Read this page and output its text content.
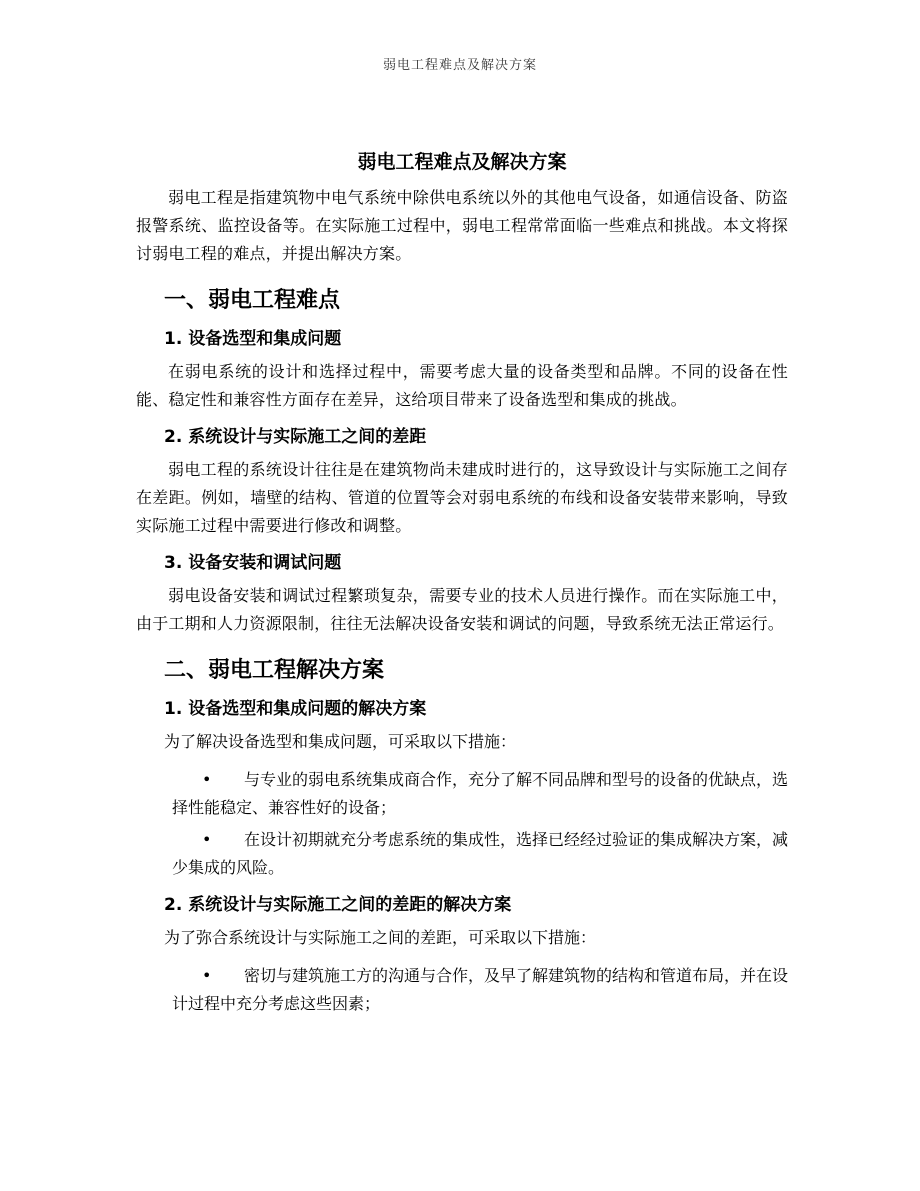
弱电工程难点及解决方案
弱电工程难点及解决方案

弱电工程是指建筑物中电气系统中除供电系统以外的其他电气设备，如通信设备、防盗报警系统、监控设备等。在实际施工过程中，弱电工程常常面临一些难点和挑战。本文将探讨弱电工程的难点，并提出解决方案。

一、弱电工程难点
1. 设备选型和集成问题

在弱电系统的设计和选择过程中，需要考虑大量的设备类型和品牌。不同的设备在性能、稳定性和兼容性方面存在差异，这给项目带来了设备选型和集成的挑战。

2. 系统设计与实际施工之间的差距

弱电工程的系统设计往往是在建筑物尚未建成时进行的，这导致设计与实际施工之间存在差距。例如，墙壁的结构、管道的位置等会对弱电系统的布线和设备安装带来影响，导致实际施工过程中需要进行修改和调整。

3. 设备安装和调试问题

弱电设备安装和调试过程繁琐复杂，需要专业的技术人员进行操作。而在实际施工中，由于工期和人力资源限制，往往无法解决设备安装和调试的问题，导致系统无法正常运行。

二、弱电工程解决方案
1. 设备选型和集成问题的解决方案

为了解决设备选型和集成问题，可采取以下措施：

• 与专业的弱电系统集成商合作，充分了解不同品牌和型号的设备的优缺点，选择性能稳定、兼容性好的设备；
• 在设计初期就充分考虑系统的集成性，选择已经经过验证的集成解决方案，减少集成的风险。
2. 系统设计与实际施工之间的差距的解决方案

为了弥合系统设计与实际施工之间的差距，可采取以下措施：

• 密切与建筑施工方的沟通与合作，及早了解建筑物的结构和管道布局，并在设计过程中充分考虑这些因素；
